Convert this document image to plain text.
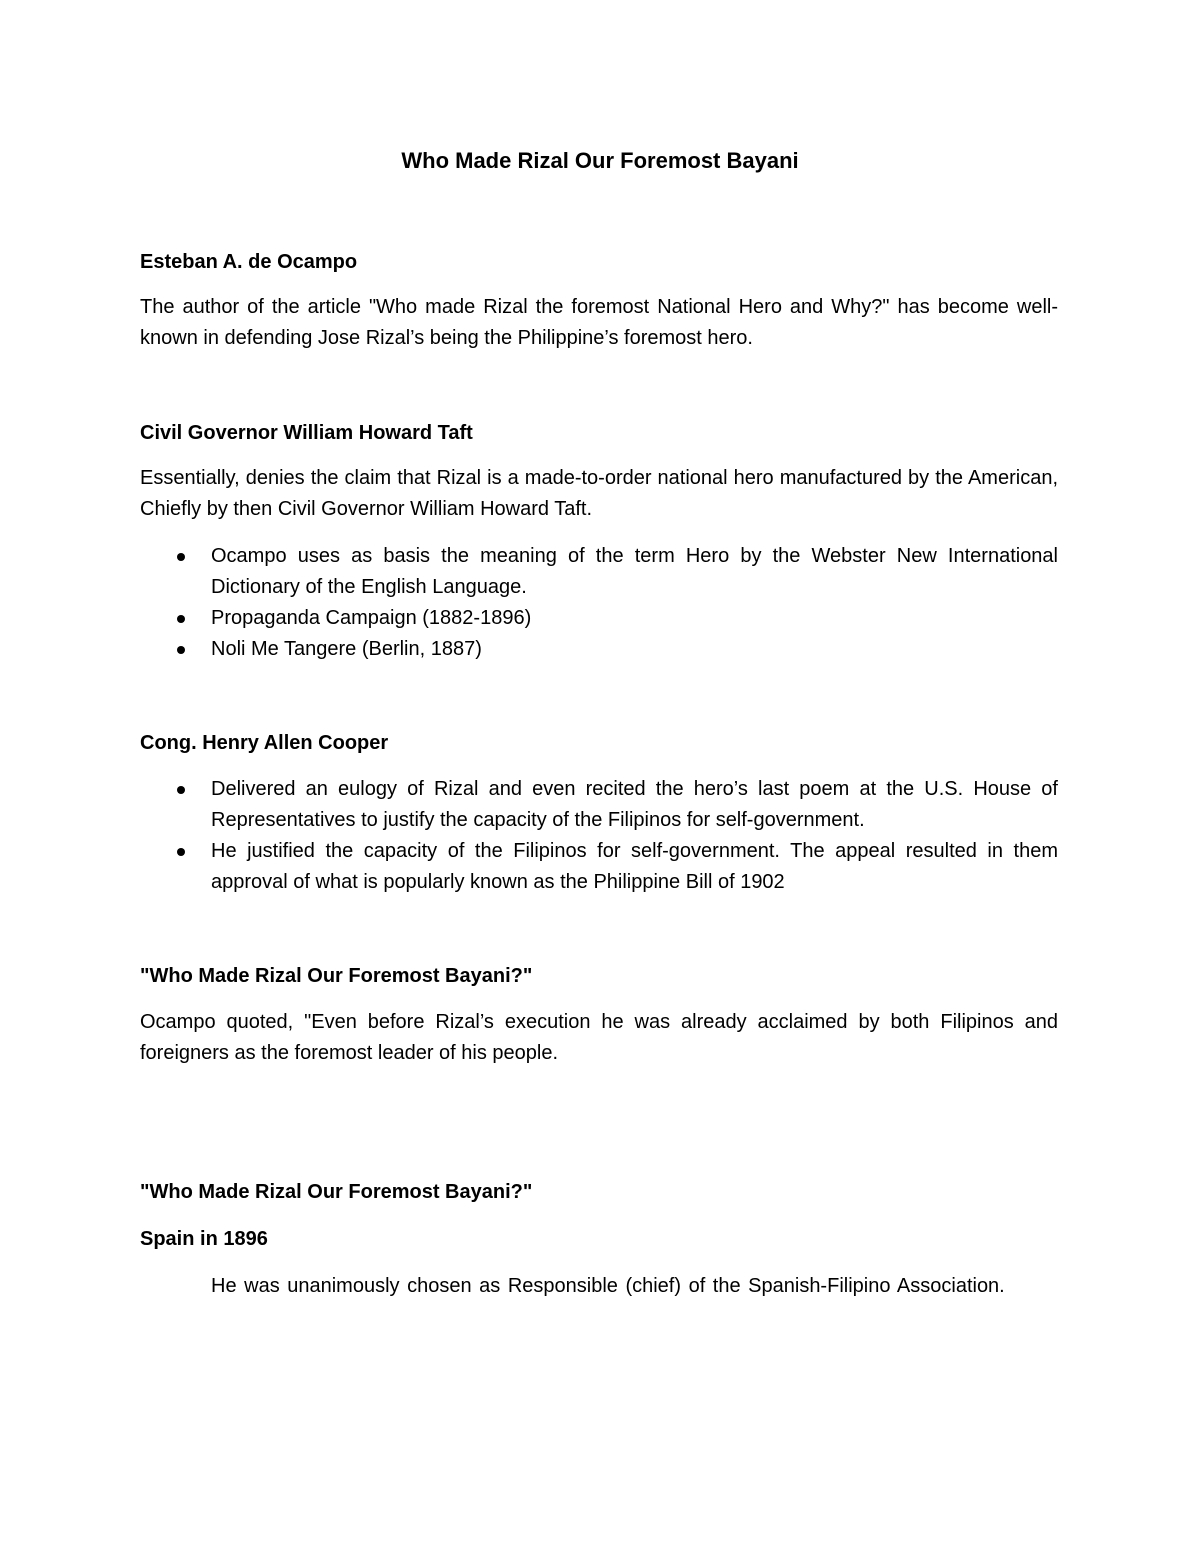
Who Made Rizal Our Foremost Bayani
Esteban A. de Ocampo
The author of the article "Who made Rizal the foremost National Hero and Why?" has become well-known in defending Jose Rizal’s being the Philippine’s foremost hero.
Civil Governor William Howard Taft
Essentially, denies the claim that Rizal is a made-to-order national hero manufactured by the American, Chiefly by then Civil Governor William Howard Taft.
Ocampo uses as basis the meaning of the term Hero by the Webster New International Dictionary of the English Language.
Propaganda Campaign (1882-1896)
Noli Me Tangere (Berlin, 1887)
Cong. Henry Allen Cooper
Delivered an eulogy of Rizal and even recited the hero’s last poem at the U.S. House of Representatives to justify the capacity of the Filipinos for self-government.
He justified the capacity of the Filipinos for self-government. The appeal resulted in them approval of what is popularly known as the Philippine Bill of 1902
"Who Made Rizal Our Foremost Bayani?"
Ocampo quoted, "Even before Rizal’s execution he was already acclaimed by both Filipinos and foreigners as the foremost leader of his people.
"Who Made Rizal Our Foremost Bayani?"
Spain in 1896
He was unanimously chosen as Responsible (chief) of the Spanish-Filipino Association.
